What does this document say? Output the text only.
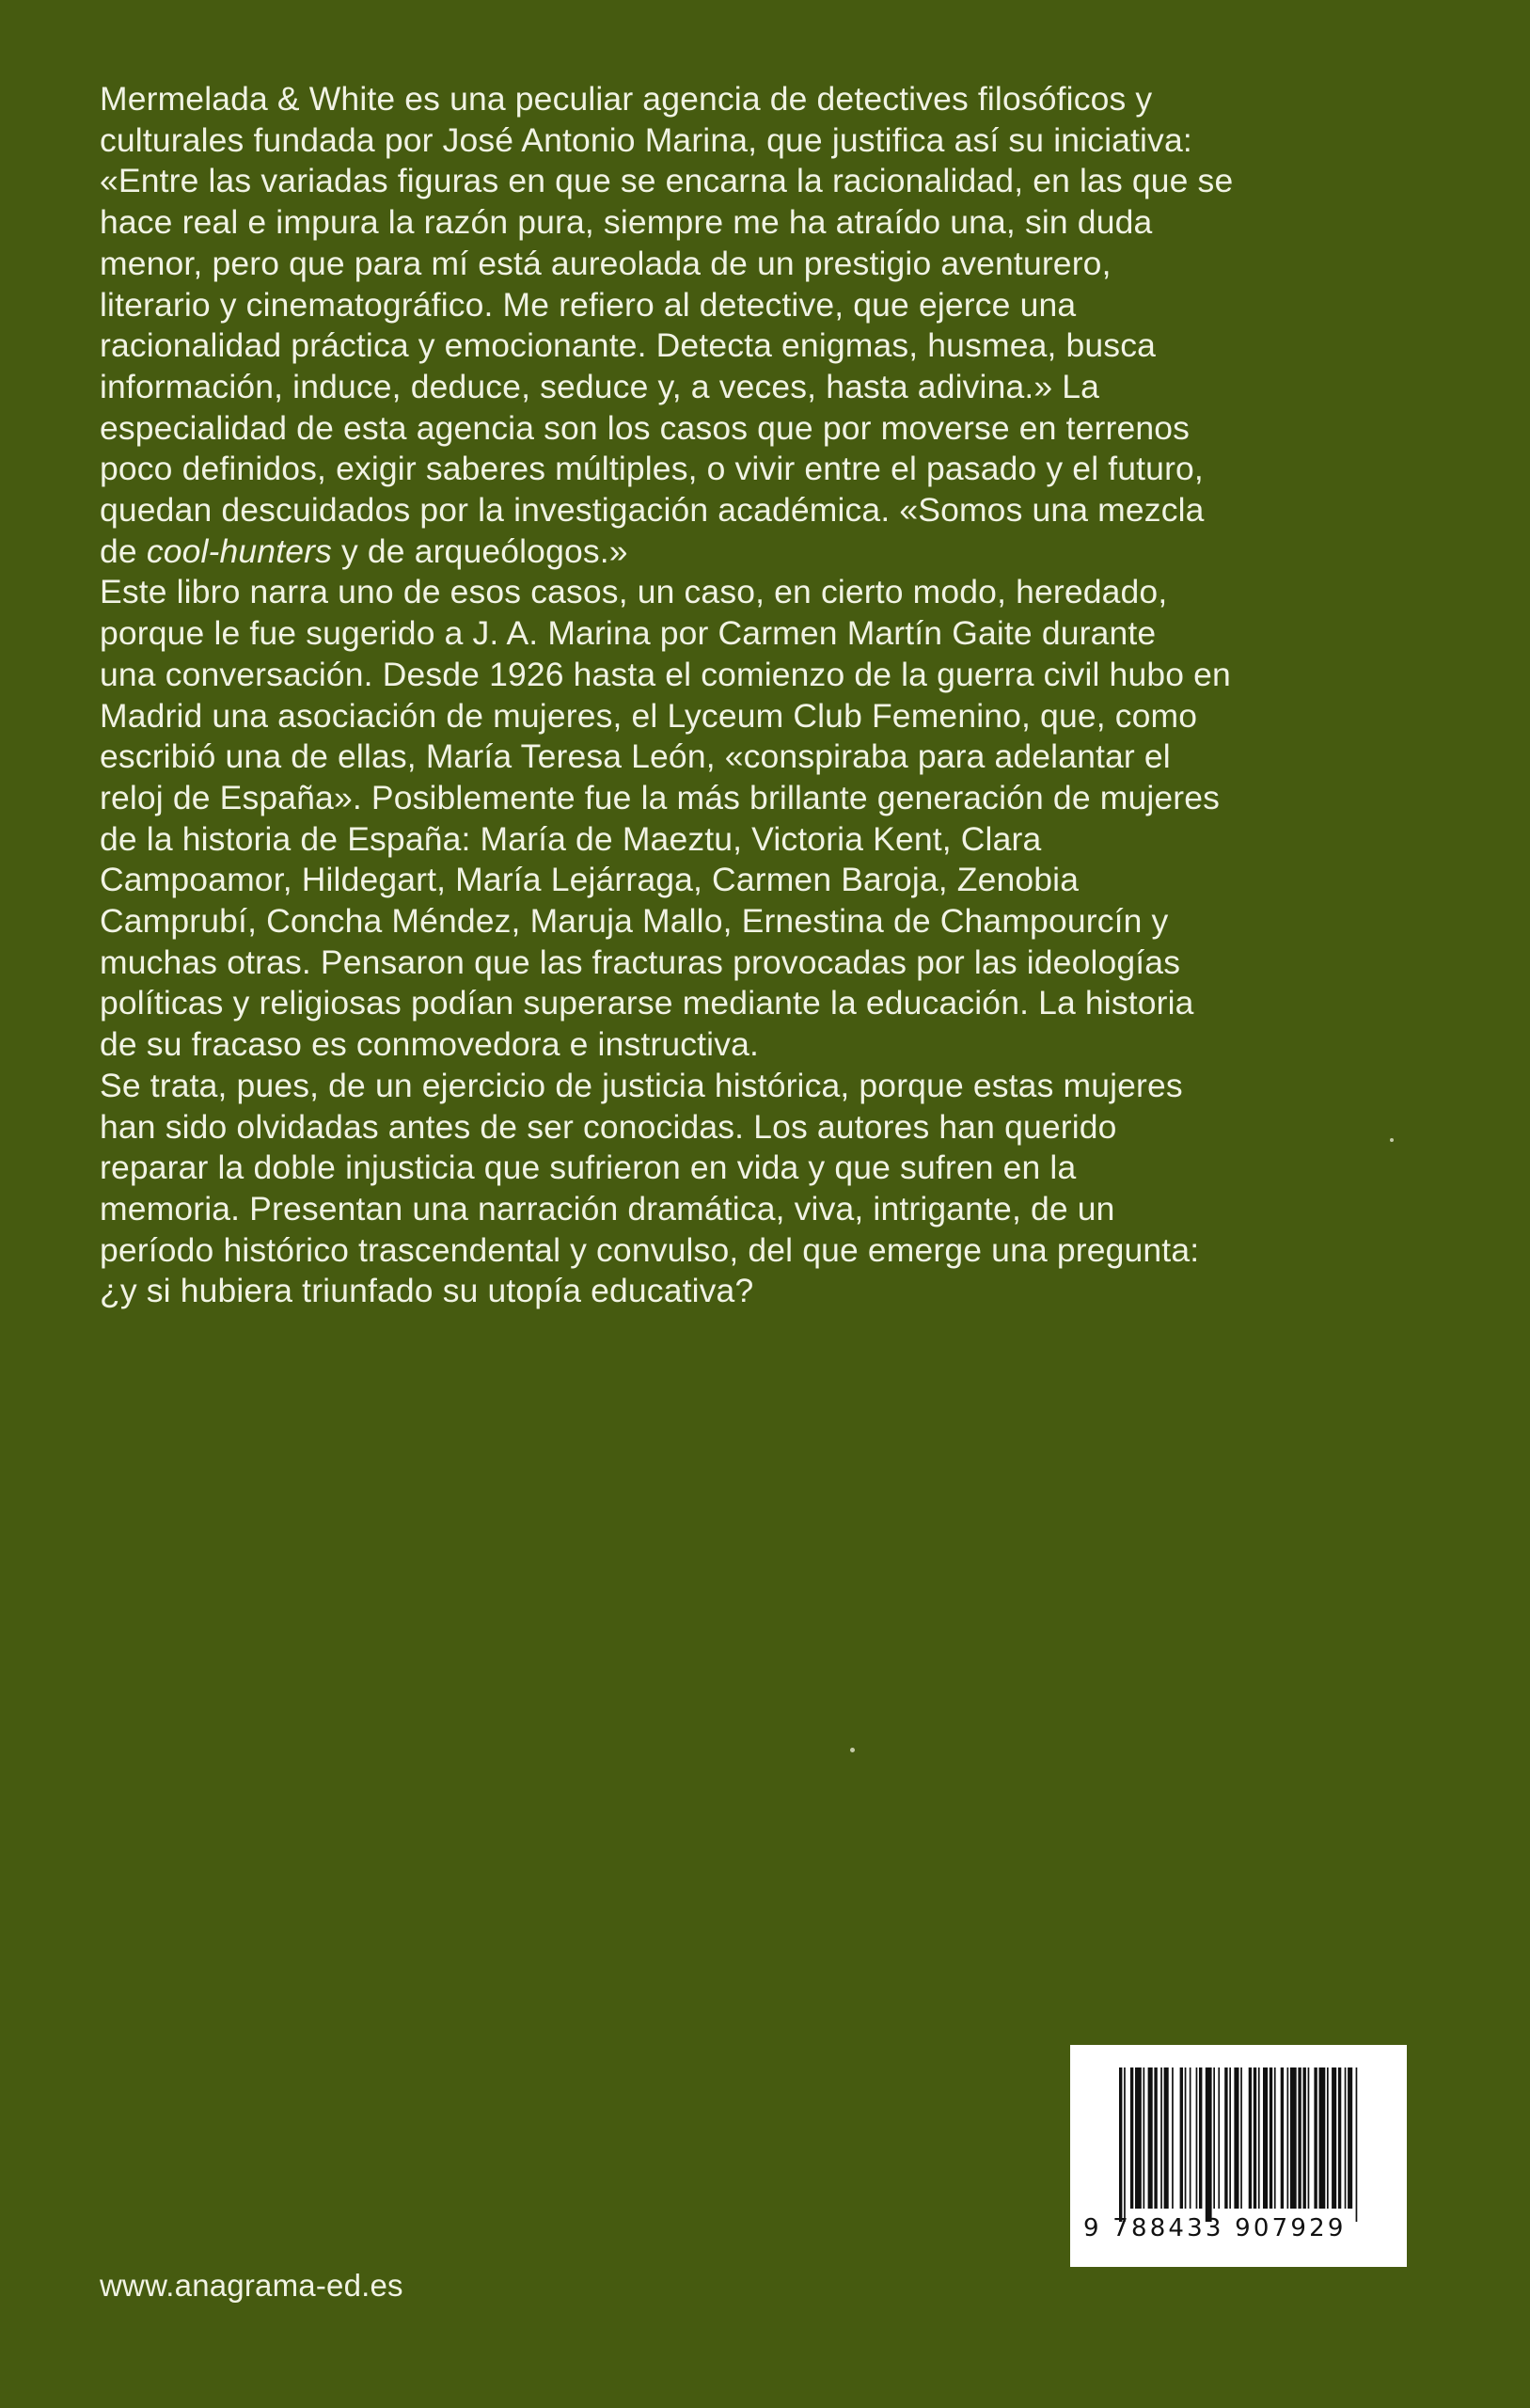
Mermelada & White es una peculiar agencia de detectives filosóficos y
culturales fundada por José Antonio Marina, que justifica así su iniciativa:
«Entre las variadas figuras en que se encarna la racionalidad, en las que se
hace real e impura la razón pura, siempre me ha atraído una, sin duda
menor, pero que para mí está aureolada de un prestigio aventurero,
literario y cinematográfico. Me refiero al detective, que ejerce una
racionalidad práctica y emocionante. Detecta enigmas, husmea, busca
información, induce, deduce, seduce y, a veces, hasta adivina.» La
especialidad de esta agencia son los casos que por moverse en terrenos
poco definidos, exigir saberes múltiples, o vivir entre el pasado y el futuro,
quedan descuidados por la investigación académica. «Somos una mezcla
de cool-hunters y de arqueólogos.»

Este libro narra uno de esos casos, un caso, en cierto modo, heredado,
porque le fue sugerido a J. A. Marina por Carmen Martín Gaite durante
una conversación. Desde 1926 hasta el comienzo de la guerra civil hubo en
Madrid una asociación de mujeres, el Lyceum Club Femenino, que, como
escribió una de ellas, María Teresa León, «conspiraba para adelantar el
reloj de España». Posiblemente fue la más brillante generación de mujeres
de la historia de España: María de Maeztu, Victoria Kent, Clara
Campoamor, Hildegart, María Lejárraga, Carmen Baroja, Zenobia
Camprubí, Concha Méndez, Maruja Mallo, Ernestina de Champourcín y
muchas otras. Pensaron que las fracturas provocadas por las ideologías
políticas y religiosas podían superarse mediante la educación. La historia
de su fracaso es conmovedora e instructiva.

Se trata, pues, de un ejercicio de justicia histórica, porque estas mujeres
han sido olvidadas antes de ser conocidas. Los autores han querido
reparar la doble injusticia que sufrieron en vida y que sufren en la
memoria. Presentan una narración dramática, viva, intrigante, de un
período histórico trascendental y convulso, del que emerge una pregunta:
¿y si hubiera triunfado su utopía educativa?

www.anagrama-ed.es
9 788433 907929
